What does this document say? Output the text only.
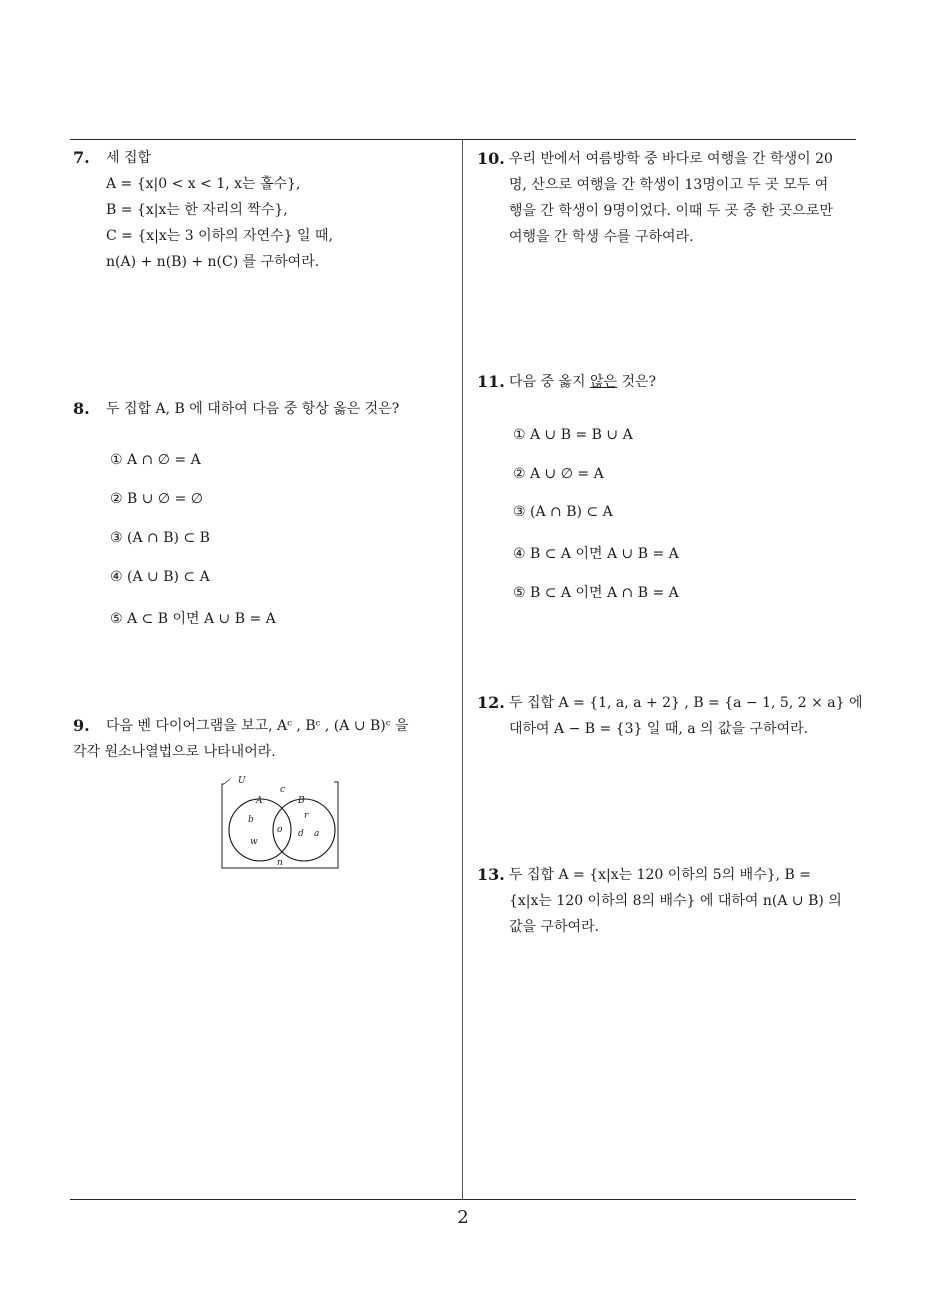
7. 세 집합
A = {x|0 < x < 1, x는 홀수},
B = {x|x는 한 자리의 짝수},
C = {x|x는 3 이하의 자연수} 일 때,
n(A) + n(B) + n(C) 를 구하여라.
8. 두 집합 A, B 에 대하여 다음 중 항상 옳은 것은?
① A ∩ ∅ = A
② B ∪ ∅ = ∅
③ (A ∩ B) ⊂ B
④ (A ∪ B) ⊂ A
⑤ A ⊂ B 이면 A ∪ B = A
9. 다음 벤 다이어그램을 보고, Aᶜ , Bᶜ , (A ∪ B)ᶜ 을
각각 원소나열법으로 나타내어라.
U
A	B
c
b
w
o
r
d a
n
10. 우리 반에서 여름방학 중 바다로 여행을 간 학생이 20
명, 산으로 여행을 간 학생이 13명이고 두 곳 모두 여
행을 간 학생이 9명이었다. 이때 두 곳 중 한 곳으로만
여행을 간 학생 수를 구하여라.
11. 다음 중 옳지 않은 것은?
① A ∪ B = B ∪ A
② A ∪ ∅ = A
③ (A ∩ B) ⊂ A
④ B ⊂ A 이면 A ∪ B = A
⑤ B ⊂ A 이면 A ∩ B = A
12. 두 집합 A = {1, a, a + 2} , B = {a − 1, 5, 2 × a} 에
대하여 A − B = {3} 일 때, a 의 값을 구하여라.
13. 두 집합 A = {x|x는 120 이하의 5의 배수}, B =
{x|x는 120 이하의 8의 배수} 에 대하여 n(A ∪ B) 의
값을 구하여라.
2
